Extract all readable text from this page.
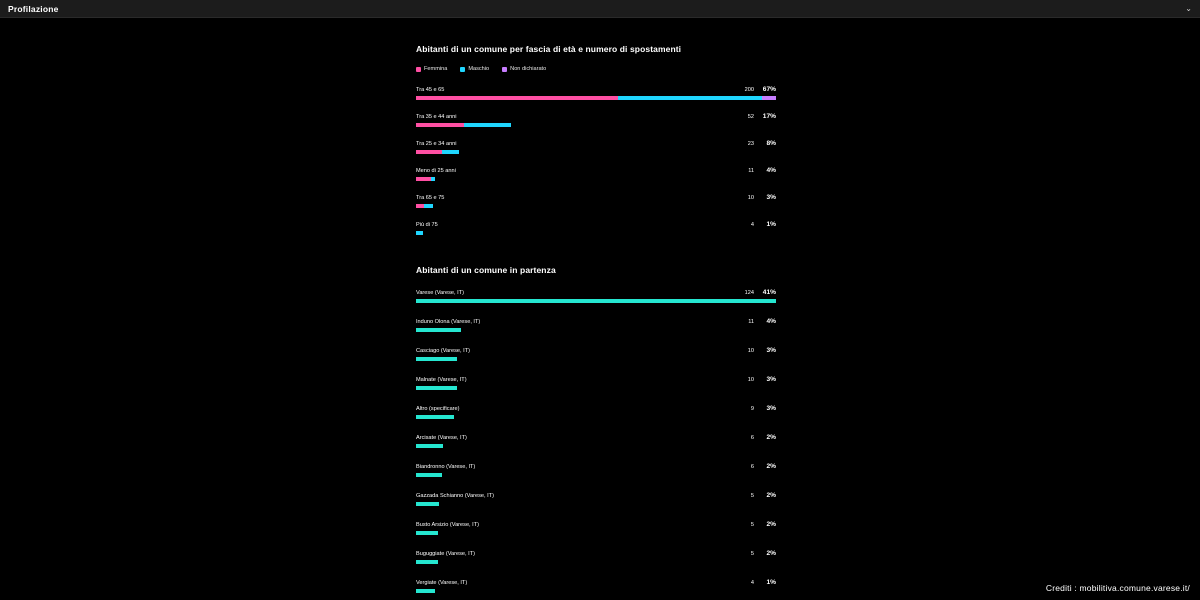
Profilazione	⌄
Abitanti di un comune per fascia di età e numero di spostamenti
Femmina	Maschio	Non dichiarato
Tra 45 e 65	200	67%
Tra 35 e 44 anni	52	17%
Tra 25 e 34 anni	23	8%
Meno di 25 anni	11	4%
Tra 65 e 75	10	3%
Più di 75	4	1%
Abitanti di un comune in partenza
Varese (Varese, IT)	124	41%
Induno Olona (Varese, IT)	11	4%
Casciago (Varese, IT)	10	3%
Malnate (Varese, IT)	10	3%
Altro (specificare)	9	3%
Arcisate (Varese, IT)	6	2%
Biandronno (Varese, IT)	6	2%
Gazzada Schianno (Varese, IT)	5	2%
Busto Arsizio (Varese, IT)	5	2%
Buguggiate (Varese, IT)	5	2%
Vergiate (Varese, IT)	4	1%
Crediti : mobilitiva.comune.varese.it/
